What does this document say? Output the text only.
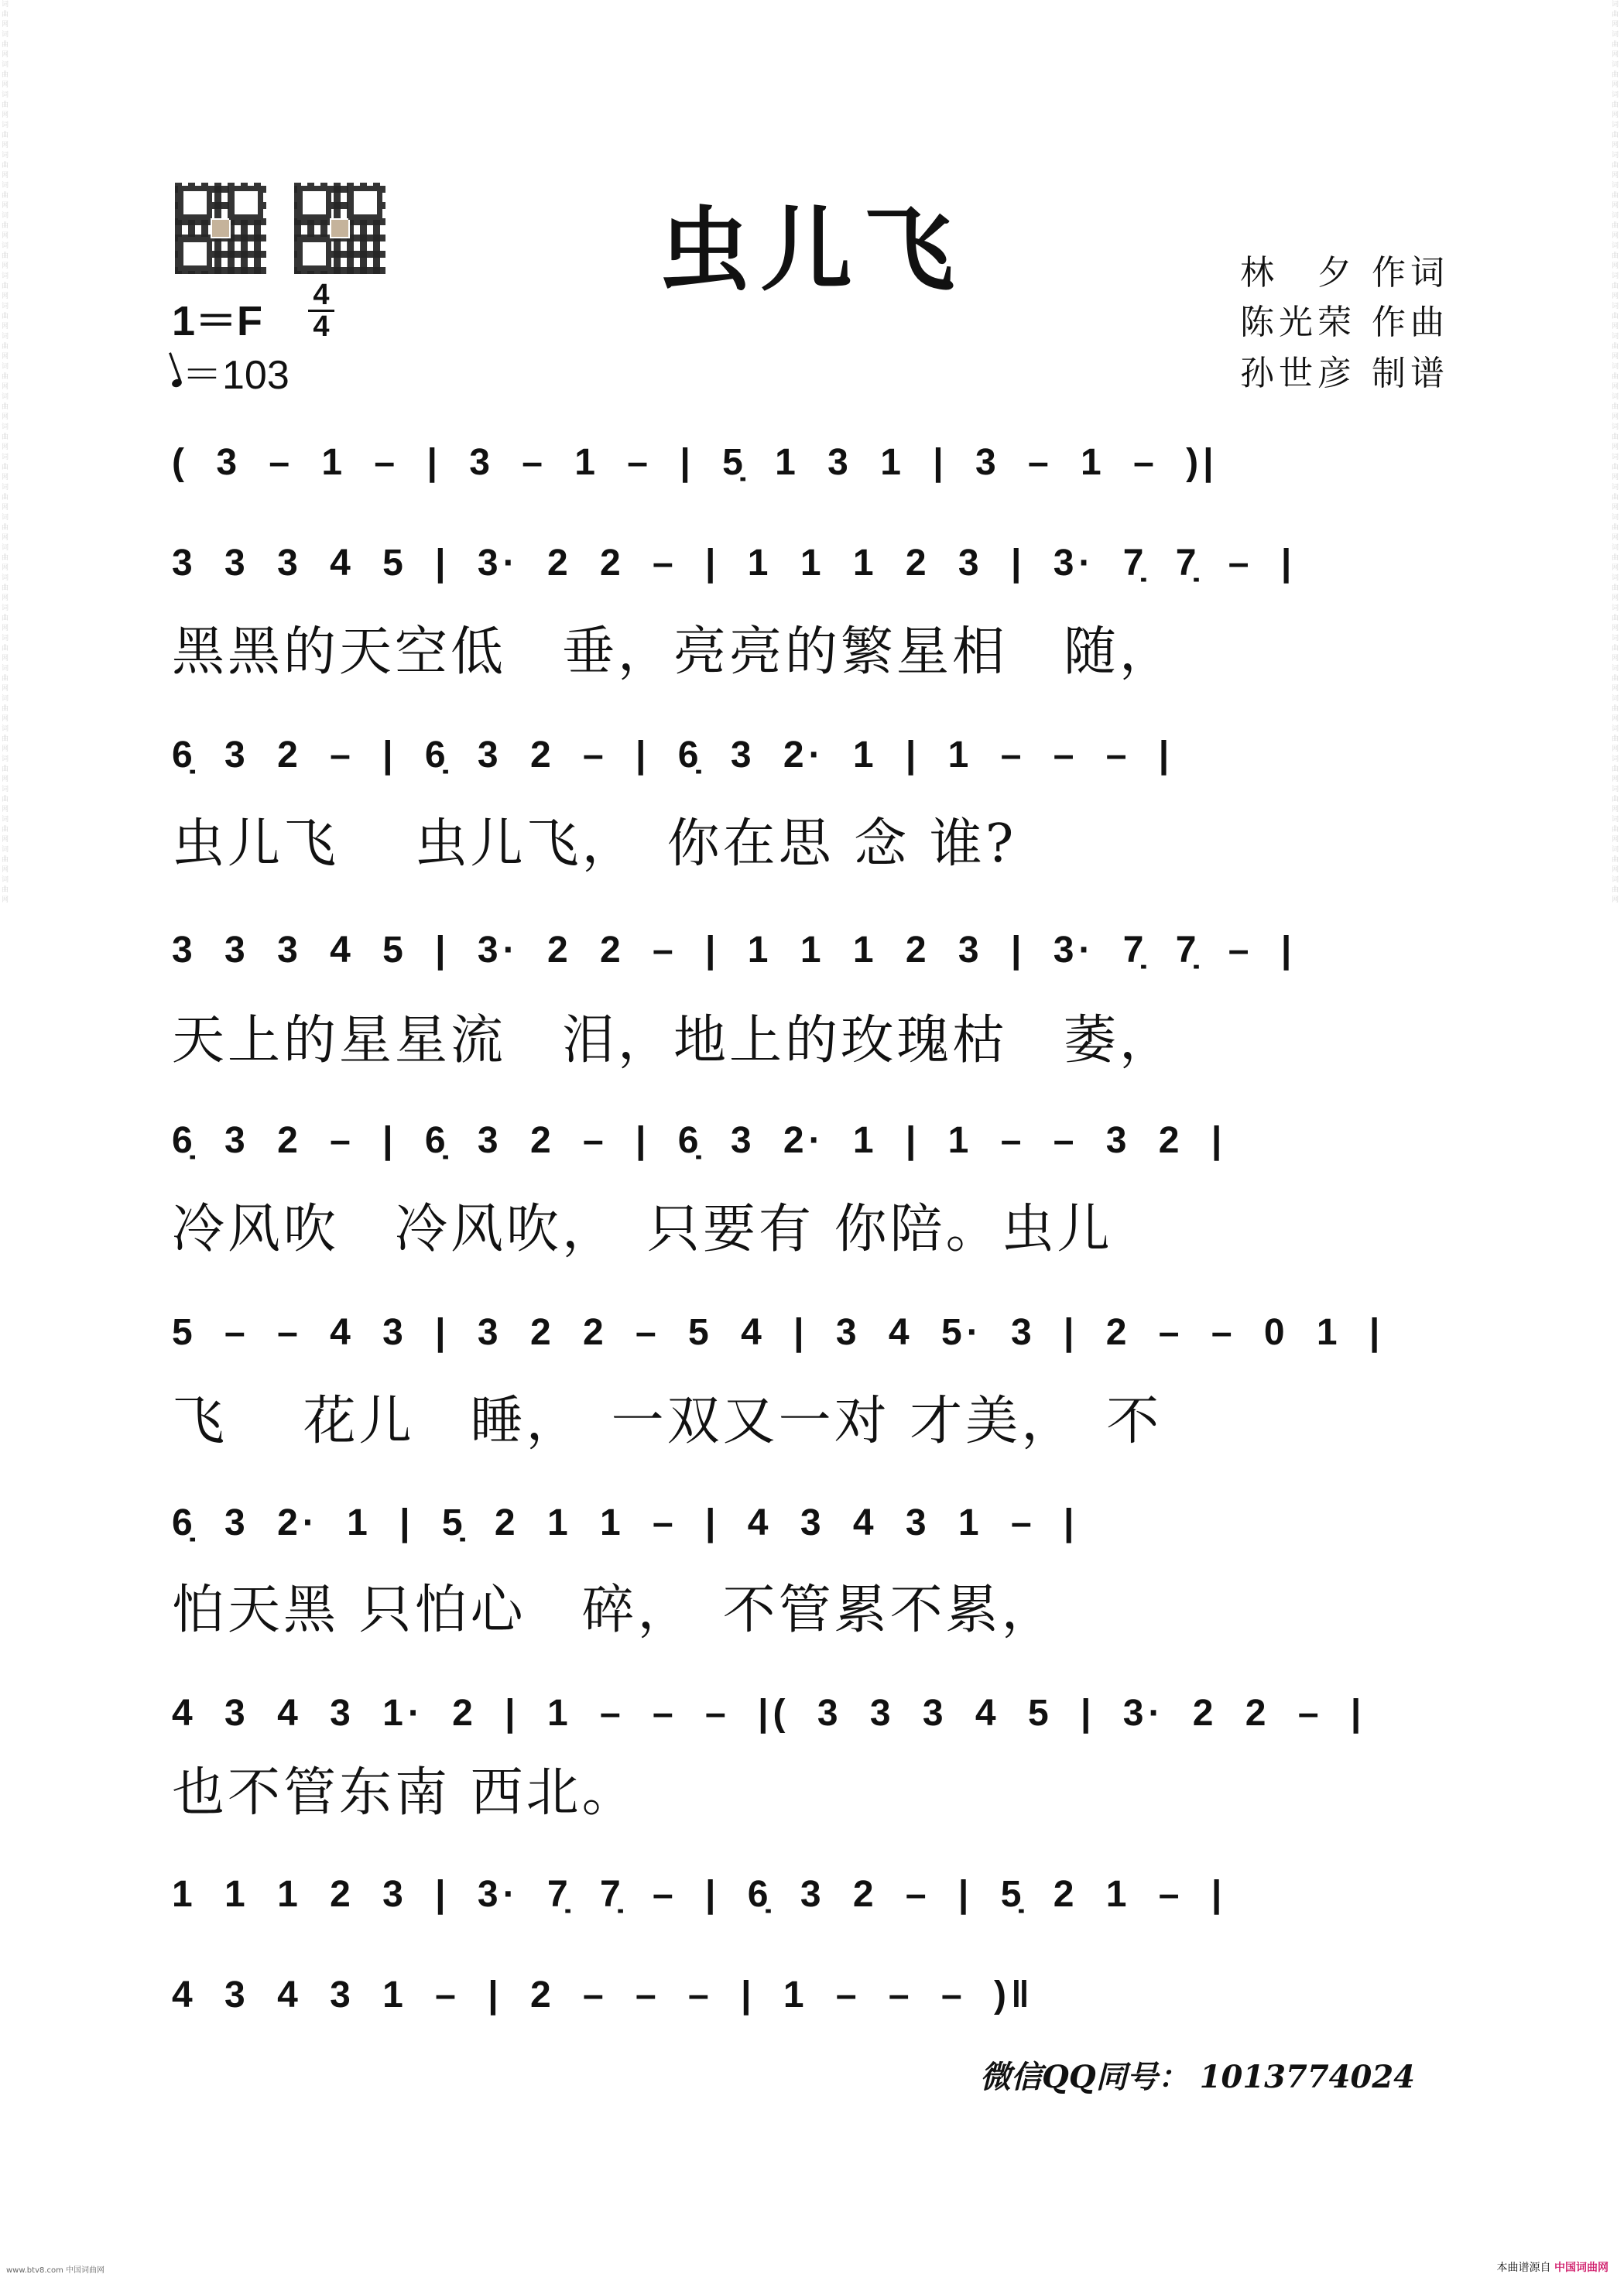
词曲网 词曲网 词曲网 词曲网 词曲网 词曲网 词曲网 词曲网 词曲网 词曲网 词曲网 词曲网 词曲网 词曲网 词曲网 词曲网 词曲网 词曲网 词曲网 词曲网 词曲网 词曲网 词曲网 词曲网 词曲网 词曲网 词曲网 词曲网 词曲网 词曲网
词曲网 词曲网 词曲网 词曲网 词曲网 词曲网 词曲网 词曲网 词曲网 词曲网 词曲网 词曲网 词曲网 词曲网 词曲网 词曲网 词曲网 词曲网 词曲网 词曲网 词曲网 词曲网 词曲网 词曲网 词曲网 词曲网 词曲网 词曲网 词曲网 词曲网
虫儿飞	林　夕 作词
陈光荣 作曲
孙世彦 制谱
1＝F
4
4
＝103
( 3 – 1 – | 3 – 1 – | 5̣ 1 3 1 | 3 – 1 – )|
3 3 3 4 5 | 3· 2 2 – | 1 1 1 2 3 | 3· 7̣ 7̣ – |
6̣ 3 2 – | 6̣ 3 2 – | 6̣ 3 2· 1 | 1 – – – |
3 3 3 4 5 | 3· 2 2 – | 1 1 1 2 3 | 3· 7̣ 7̣ – |
6̣ 3 2 – | 6̣ 3 2 – | 6̣ 3 2· 1 | 1 – – 3 2 |
5 – – 4 3 | 3 2 2 – 5 4 | 3 4 5· 3 | 2 – – 0 1 |
6̣ 3 2· 1 | 5̣ 2 1 1 – | 4 3 4 3 1 – |
4 3 4 3 1· 2 | 1 – – – |( 3 3 3 4 5 | 3· 2 2 – |
1 1 1 2 3 | 3· 7̣ 7̣ – | 6̣ 3 2 – | 5̣ 2 1 – |
4 3 4 3 1 – | 2 – – – | 1 – – – )‖
黑黑的天空低　垂，亮亮的繁星相　随，
虫儿飞　 虫儿飞，　你在思 念 谁?
天上的星星流　泪，地上的玫瑰枯　萎，
冷风吹　冷风吹，　只要有 你陪。虫儿
飞　 花儿　睡，　一双又一对 才美，　不
怕天黑 只怕心　碎，　不管累不累，
也不管东南 西北。
微信QQ同号： 1013774024
www.btv8.com 中国词曲网	本曲谱源自 中国词曲网
